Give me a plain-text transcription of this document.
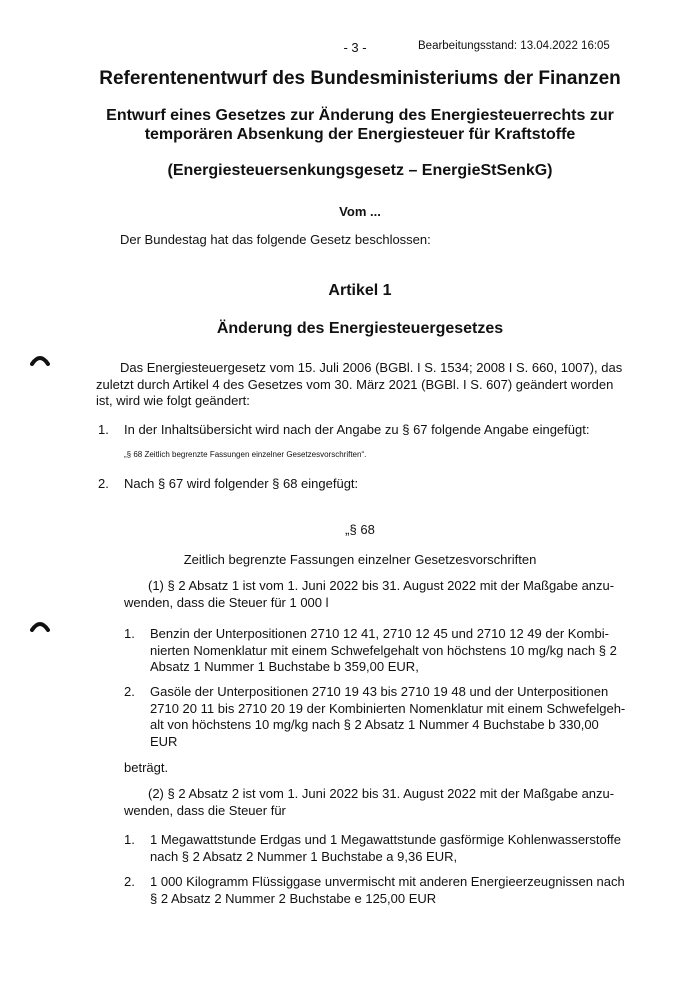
- 3 -	Bearbeitungsstand: 13.04.2022 16:05
Referentenentwurf des Bundesministeriums der Finanzen
Entwurf eines Gesetzes zur Änderung des Energiesteuerrechts zur
temporären Absenkung der Energiesteuer für Kraftstoffe
(Energiesteuersenkungsgesetz – EnergieStSenkG)
Vom ...
Der Bundestag hat das folgende Gesetz beschlossen:
Artikel 1
Änderung des Energiesteuergesetzes
Das Energiesteuergesetz vom 15. Juli 2006 (BGBl. I S. 1534; 2008 I S. 660, 1007), das
zuletzt durch Artikel 4 des Gesetzes vom 30. März 2021 (BGBl. I S. 607) geändert worden
ist, wird wie folgt geändert:
1. In der Inhaltsübersicht wird nach der Angabe zu § 67 folgende Angabe eingefügt:
„§ 68 Zeitlich begrenzte Fassungen einzelner Gesetzesvorschriften“.
2. Nach § 67 wird folgender § 68 eingefügt:
„§ 68
Zeitlich begrenzte Fassungen einzelner Gesetzesvorschriften
(1) § 2 Absatz 1 ist vom 1. Juni 2022 bis 31. August 2022 mit der Maßgabe anzu-
wenden, dass die Steuer für 1 000 l
1. Benzin der Unterpositionen 2710 12 41, 2710 12 45 und 2710 12 49 der Kombi-
nierten Nomenklatur mit einem Schwefelgehalt von höchstens 10 mg/kg nach § 2
Absatz 1 Nummer 1 Buchstabe b 359,00 EUR,
2. Gasöle der Unterpositionen 2710 19 43 bis 2710 19 48 und der Unterpositionen
2710 20 11 bis 2710 20 19 der Kombinierten Nomenklatur mit einem Schwefelgeh-
alt von höchstens 10 mg/kg nach § 2 Absatz 1 Nummer 4 Buchstabe b 330,00
EUR
beträgt.
(2) § 2 Absatz 2 ist vom 1. Juni 2022 bis 31. August 2022 mit der Maßgabe anzu-
wenden, dass die Steuer für
1. 1 Megawattstunde Erdgas und 1 Megawattstunde gasförmige Kohlenwasserstoffe
nach § 2 Absatz 2 Nummer 1 Buchstabe a 9,36 EUR,
2. 1 000 Kilogramm Flüssiggase unvermischt mit anderen Energieerzeugnissen nach
§ 2 Absatz 2 Nummer 2 Buchstabe e 125,00 EUR
